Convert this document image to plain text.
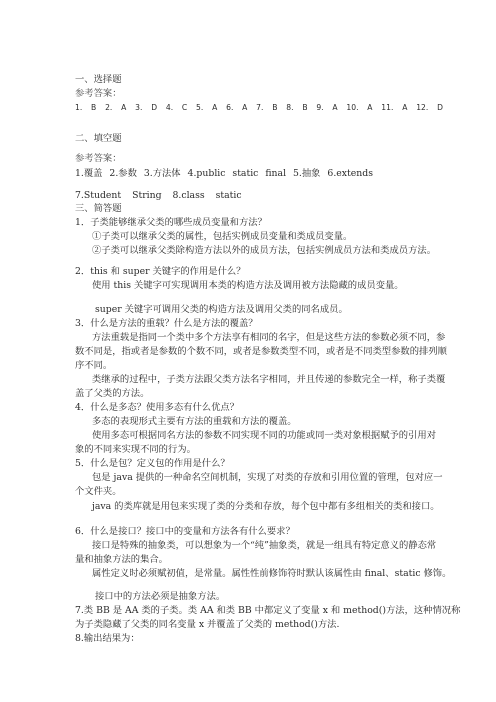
一、选择题
参考答案：
1. B 2. A 3. D 4. C 5. A 6. A 7. B 8. B 9. A 10. A 11. A 12. D
二、填空题
参考答案：
1.覆盖 2.参数 3.方法体 4.public static final 5.抽象 6.extends
7.Student String 8.class static
三、简答题
1．子类能够继承父类的哪些成员变量和方法？
①子类可以继承父类的属性，包括实例成员变量和类成员变量。
②子类可以继承父类除构造方法以外的成员方法，包括实例成员方法和类成员方法。
2．this 和 super 关键字的作用是什么？
使用 this 关键字可实现调用本类的构造方法及调用被方法隐藏的成员变量。
super 关键字可调用父类的构造方法及调用父类的同名成员。
3．什么是方法的重载？什么是方法的覆盖？
方法重载是指同一个类中多个方法享有相同的名字，但是这些方法的参数必须不同，参
数不同是，指或者是参数的个数不同，或者是参数类型不同，或者是不同类型参数的排列顺
序不同。
类继承的过程中，子类方法跟父类方法名字相同，并且传递的参数完全一样，称子类覆
盖了父类的方法。
4．什么是多态？使用多态有什么优点？
多态的表现形式主要有方法的重载和方法的覆盖。
使用多态可根据同名方法的参数不同实现不同的功能或同一类对象根据赋予的引用对
象的不同来实现不同的行为。
5．什么是包？定义包的作用是什么？
包是 java 提供的一种命名空间机制，实现了对类的存放和引用位置的管理，包对应一
个文件夹。
java 的类库就是用包来实现了类的分类和存放，每个包中都有多组相关的类和接口。
6．什么是接口？接口中的变量和方法各有什么要求？
接口是特殊的抽象类，可以想象为一个“纯”抽象类，就是一组具有特定意义的静态常
量和抽象方法的集合。
属性定义时必须赋初值，是常量。属性性前修饰符时默认该属性由 final、static 修饰。
接口中的方法必须是抽象方法。
7.类 BB 是 AA 类的子类。类 AA 和类 BB 中都定义了变量 x 和 method()方法，这种情况称
为子类隐藏了父类的同名变量 x 并覆盖了父类的 method()方法.
8.输出结果为：
